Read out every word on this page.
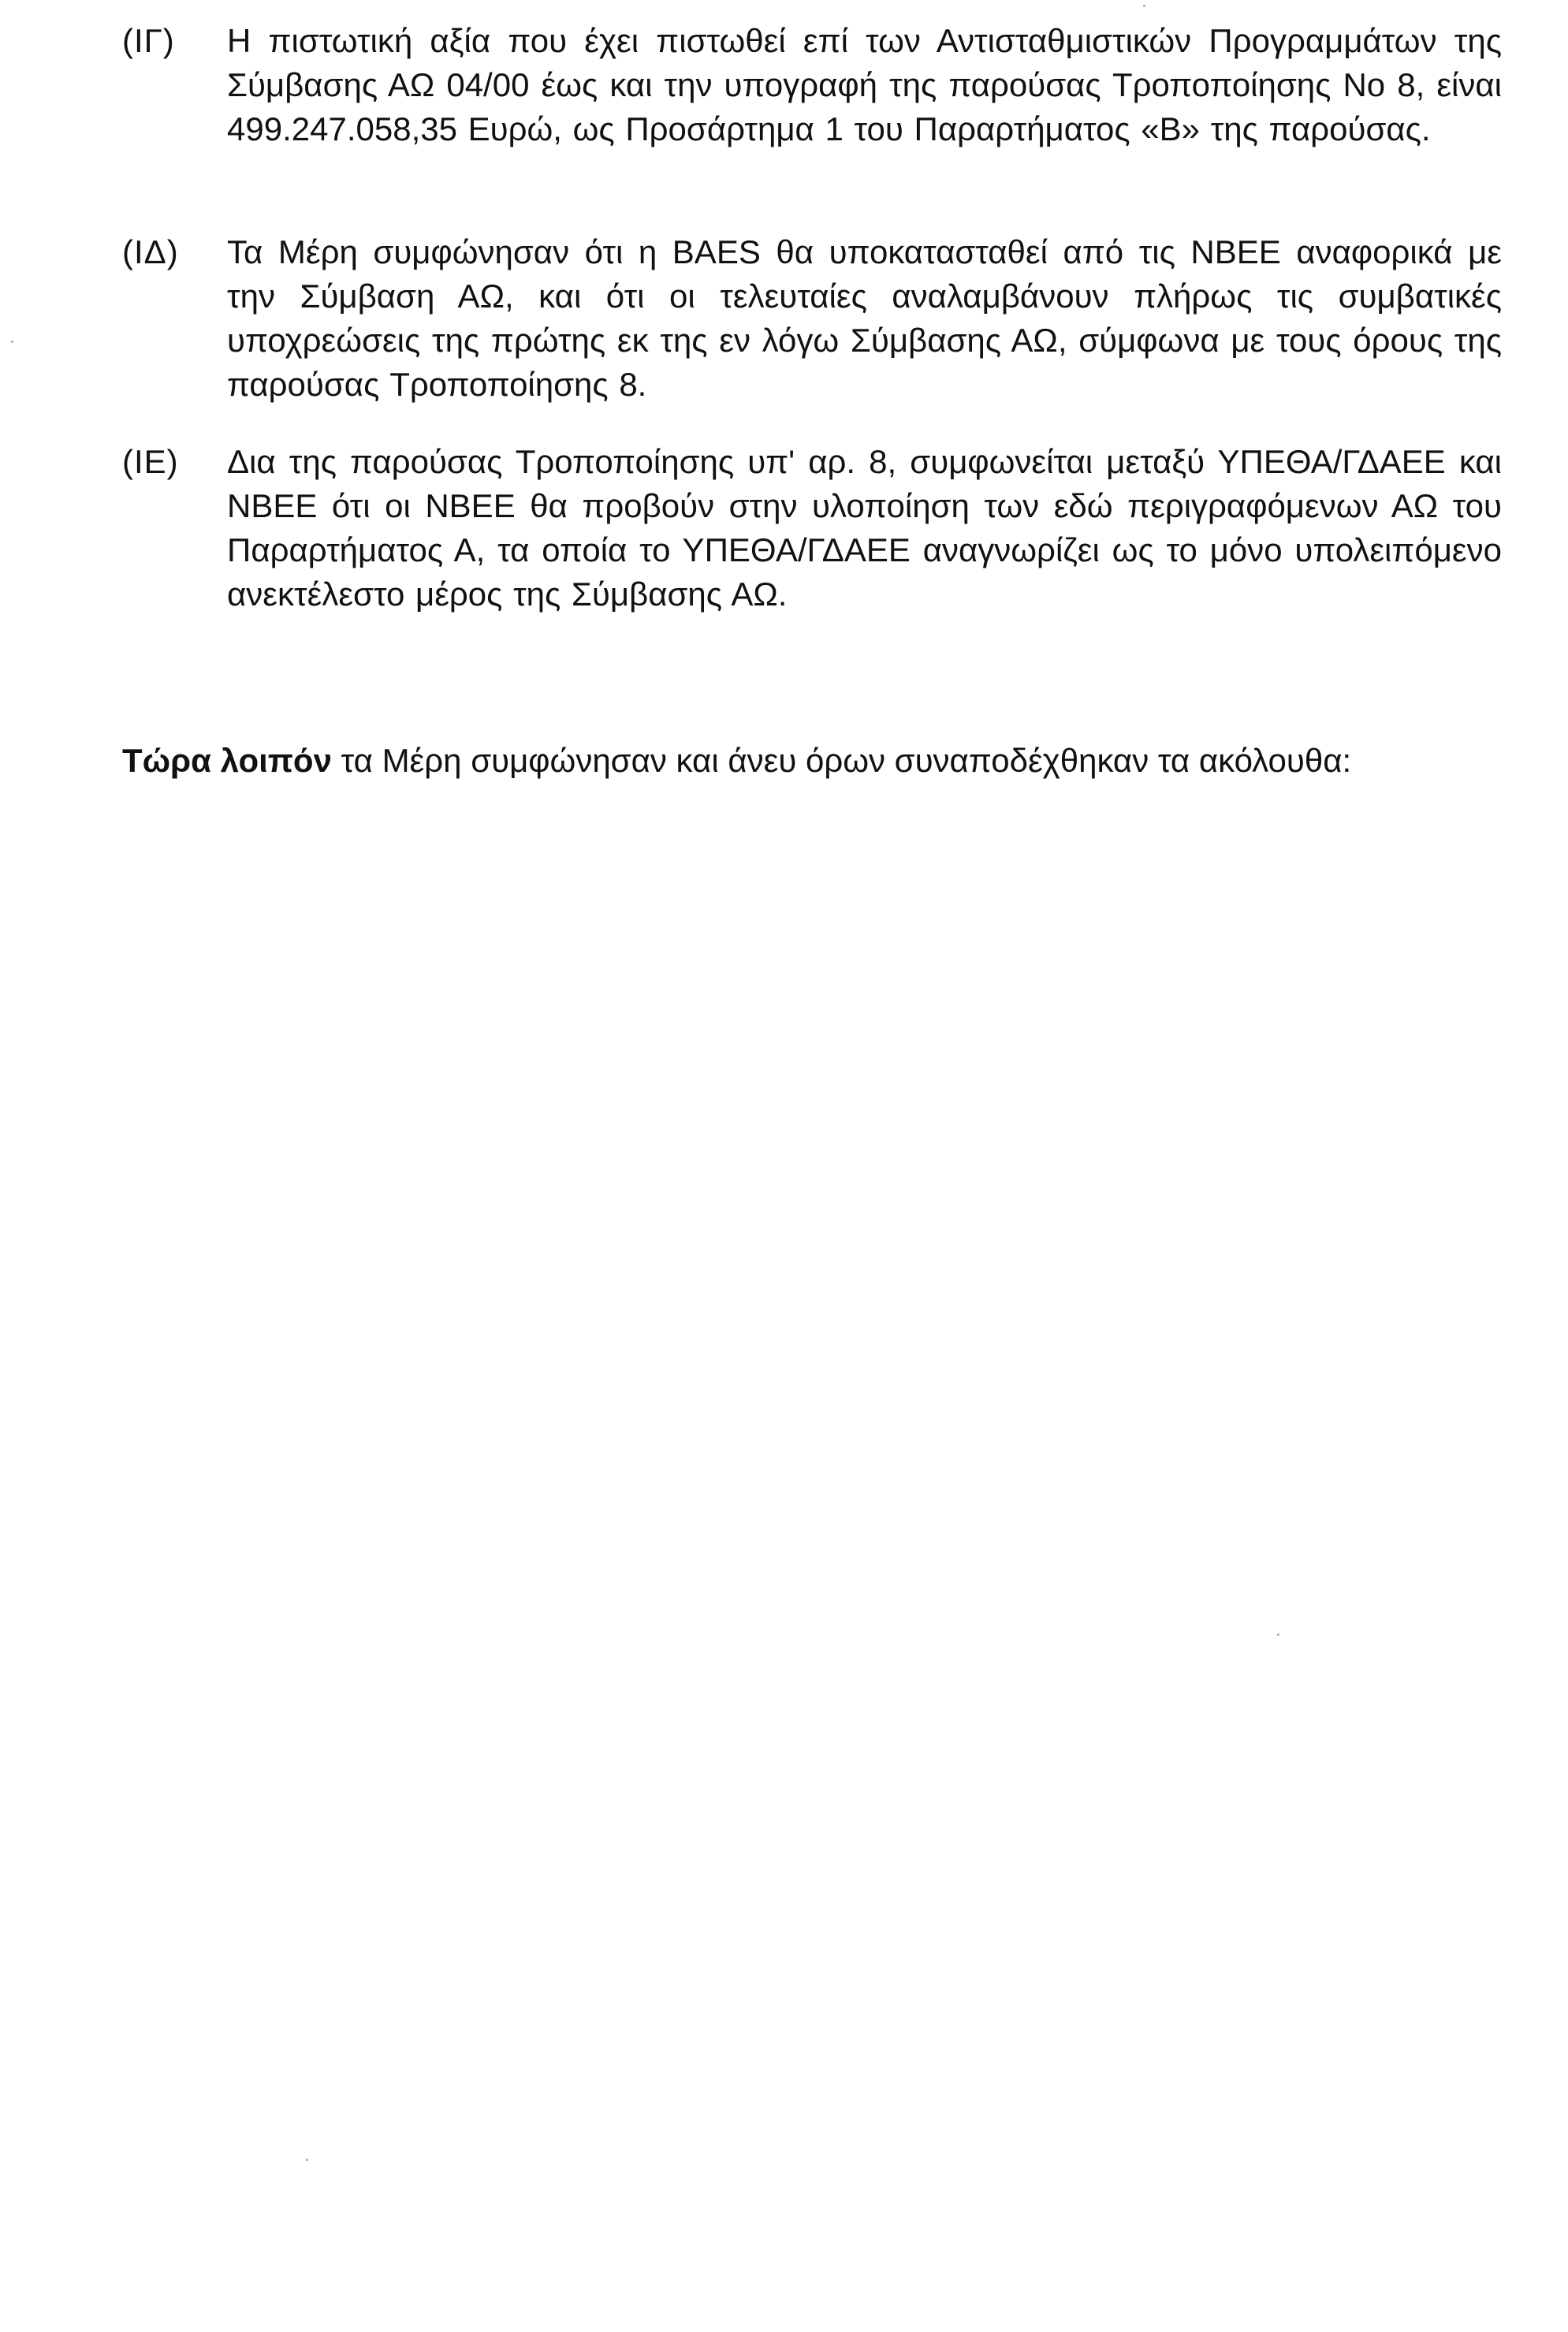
(ΙΓ)	Η πιστωτική αξία που έχει πιστωθεί επί των Αντισταθμιστικών Προγραμμάτων της Σύμβασης ΑΩ 04/00 έως και την υπογραφή της παρούσας Τροποποίησης Νο 8, είναι 499.247.058,35 Ευρώ, ως Προσάρτημα 1 του Παραρτήματος «Β» της παρούσας.
(ΙΔ)	Τα Μέρη συμφώνησαν ότι η BAES θα υποκατασταθεί από τις ΝΒΕΕ αναφορικά με την Σύμβαση ΑΩ, και ότι οι τελευταίες αναλαμβάνουν πλήρως τις συμβατικές υποχρεώσεις της πρώτης εκ της εν λόγω Σύμβασης ΑΩ, σύμφωνα με τους όρους της παρούσας Τροποποίησης 8.
(ΙΕ)	Δια της παρούσας Τροποποίησης υπ' αρ. 8, συμφωνείται μεταξύ ΥΠΕΘΑ/ΓΔΑΕΕ και ΝΒΕΕ ότι οι ΝΒΕΕ θα προβούν στην υλοποίηση των εδώ περιγραφόμενων ΑΩ του Παραρτήματος Α, τα οποία το ΥΠΕΘΑ/ΓΔΑΕΕ αναγνωρίζει ως το μόνο υπολειπόμενο ανεκτέλεστο μέρος της Σύμβασης ΑΩ.
Τώρα λοιπόν τα Μέρη συμφώνησαν και άνευ όρων συναποδέχθηκαν τα ακόλουθα:
